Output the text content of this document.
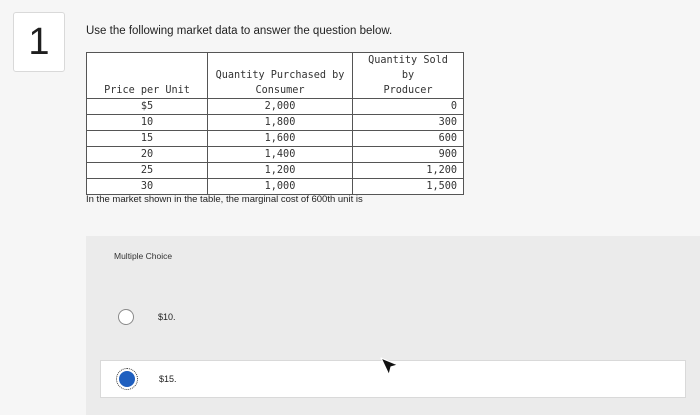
1	Use the following market data to answer the question below.
Price per Unit	Quantity Purchased by	Quantity Sold by
	Consumer	Producer
$5	2,000	0
10	1,800	300
15	1,600	600
20	1,400	900
25	1,200	1,200
30	1,000	1,500
In the market shown in the table, the marginal cost of 600th unit is
Multiple Choice
$10.
$15.
